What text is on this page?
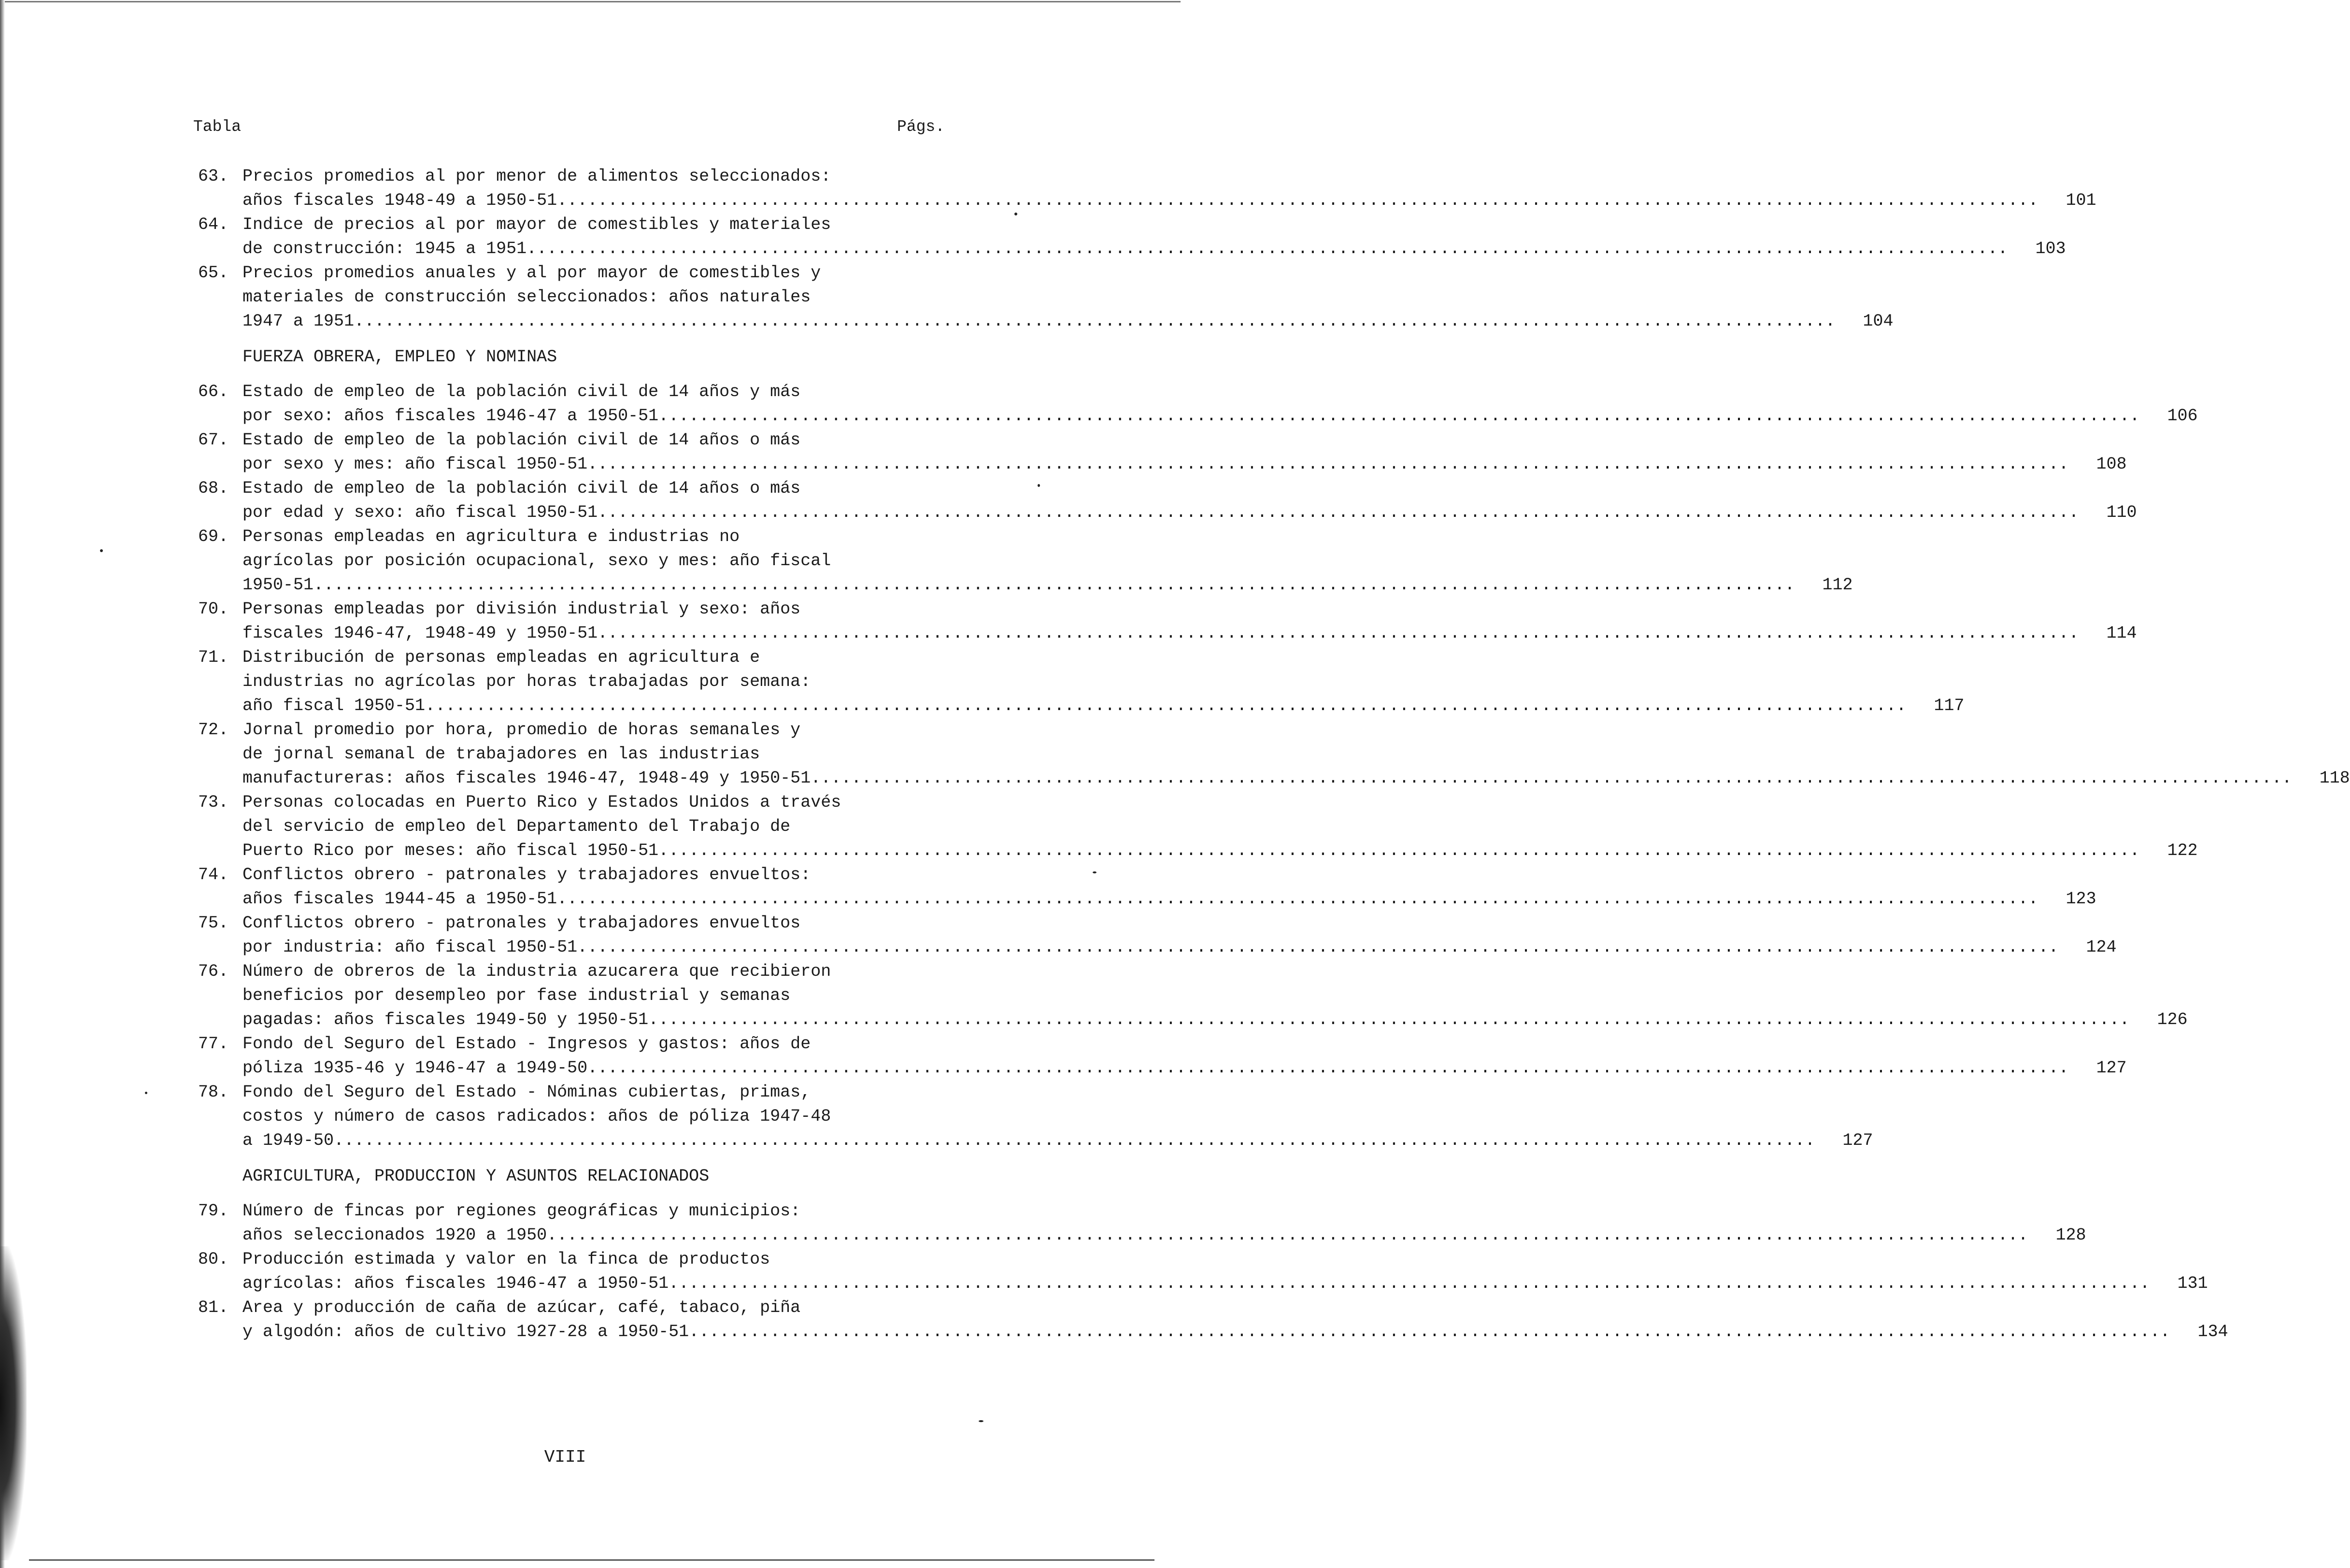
Tabla	Págs.
63. Precios promedios al por menor de alimentos seleccionados:
años fiscales 1948-49 a 1950-51 .....	101
64. Indice de precios al por mayor de comestibles y materiales
de construcción: 1945 a 1951 .....	103
65. Precios promedios anuales y al por mayor de comestibles y
materiales de construcción seleccionados: años naturales
1947 a 1951 .....	104
FUERZA OBRERA, EMPLEO Y NOMINAS
66. Estado de empleo de la población civil de 14 años y más
por sexo: años fiscales 1946-47 a 1950-51 .....	106
67. Estado de empleo de la población civil de 14 años o más
por sexo y mes: año fiscal 1950-51 .....	108
68. Estado de empleo de la población civil de 14 años o más
por edad y sexo: año fiscal 1950-51 .....	110
69. Personas empleadas en agricultura e industrias no
agrícolas por posición ocupacional, sexo y mes: año fiscal
1950-51 .....	112
70. Personas empleadas por división industrial y sexo: años
fiscales 1946-47, 1948-49 y 1950-51 .....	114
71. Distribución de personas empleadas en agricultura e
industrias no agrícolas por horas trabajadas por semana:
año fiscal 1950-51 .....	117
72. Jornal promedio por hora, promedio de horas semanales y
de jornal semanal de trabajadores en las industrias
manufactureras: años fiscales 1946-47, 1948-49 y 1950-51 .....	118
73. Personas colocadas en Puerto Rico y Estados Unidos a través
del servicio de empleo del Departamento del Trabajo de
Puerto Rico por meses: año fiscal 1950-51 .....	122
74. Conflictos obrero - patronales y trabajadores envueltos:
años fiscales 1944-45 a 1950-51 .....	123
75. Conflictos obrero - patronales y trabajadores envueltos
por industria: año fiscal 1950-51 .....	124
76. Número de obreros de la industria azucarera que recibieron
beneficios por desempleo por fase industrial y semanas
pagadas: años fiscales 1949-50 y 1950-51 .....	126
77. Fondo del Seguro del Estado - Ingresos y gastos: años de
póliza 1935-46 y 1946-47 a 1949-50 .....	127
78. Fondo del Seguro del Estado - Nóminas cubiertas, primas,
costos y número de casos radicados: años de póliza 1947-48
a 1949-50 .....	127
AGRICULTURA, PRODUCCION Y ASUNTOS RELACIONADOS
79. Número de fincas por regiones geográficas y municipios:
años seleccionados 1920 a 1950 .....	128
80. Producción estimada y valor en la finca de productos
agrícolas: años fiscales 1946-47 a 1950-51 .....	131
81. Area y producción de caña de azúcar, café, tabaco, piña
y algodón: años de cultivo 1927-28 a 1950-51 .....	134
VIII
